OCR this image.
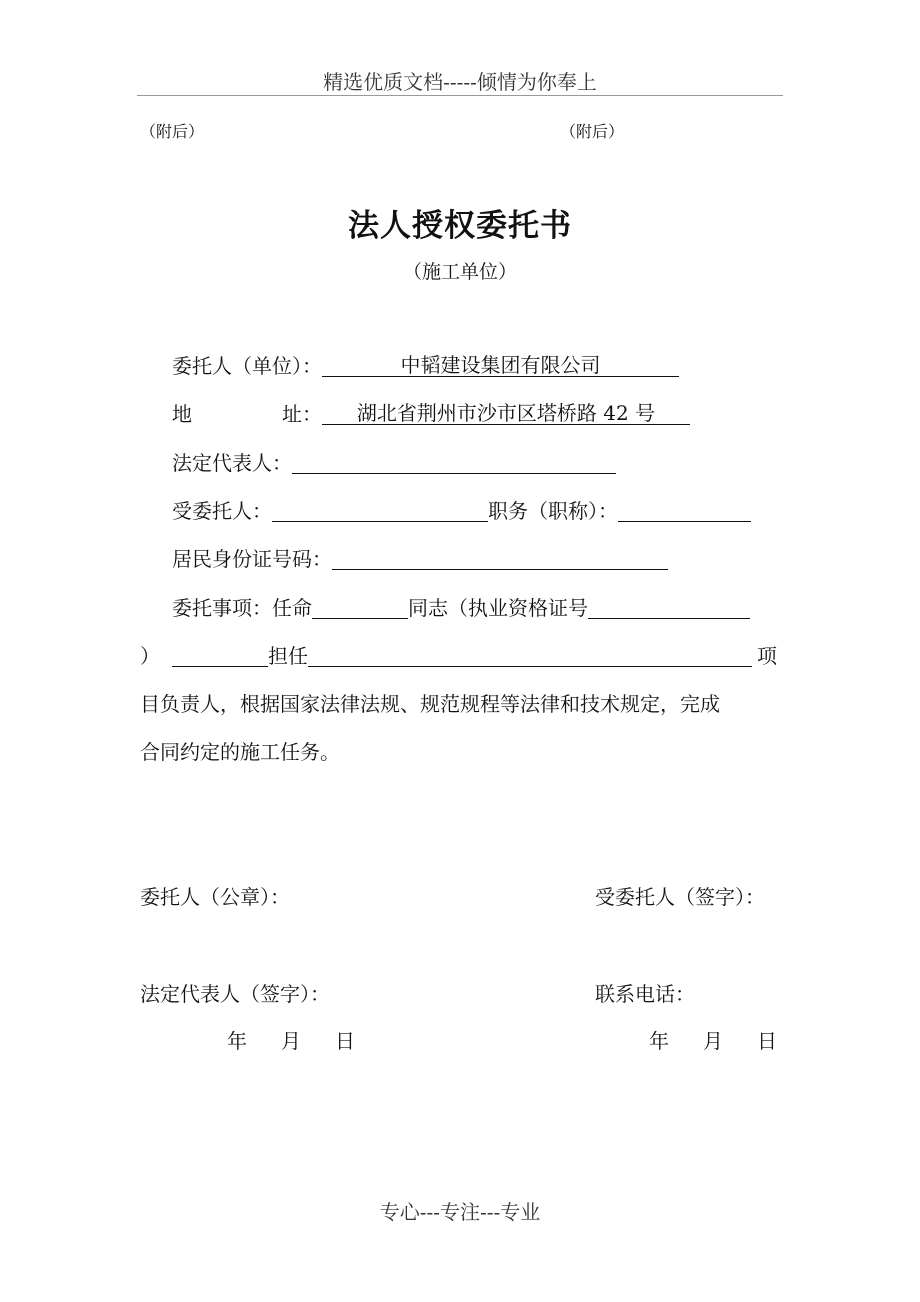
精选优质文档-----倾情为你奉上
（附后）	（附后）
法人授权委托书
（施工单位）
委托人（单位）：	中韬建设集团有限公司
地	址： 湖北省荆州市沙市区塔桥路 42 号
法定代表人：
受委托人：	职务（职称）：
居民身份证号码：
委托事项：任命	同志（执业资格证号
）	担任	项
目负责人，根据国家法律法规、规范规程等法律和技术规定，完成
合同约定的施工任务。
委托人（公章）：	受委托人（签字）：
法定代表人（签字）：	联系电话：
年 月 日	年 月 日
专心---专注---专业
